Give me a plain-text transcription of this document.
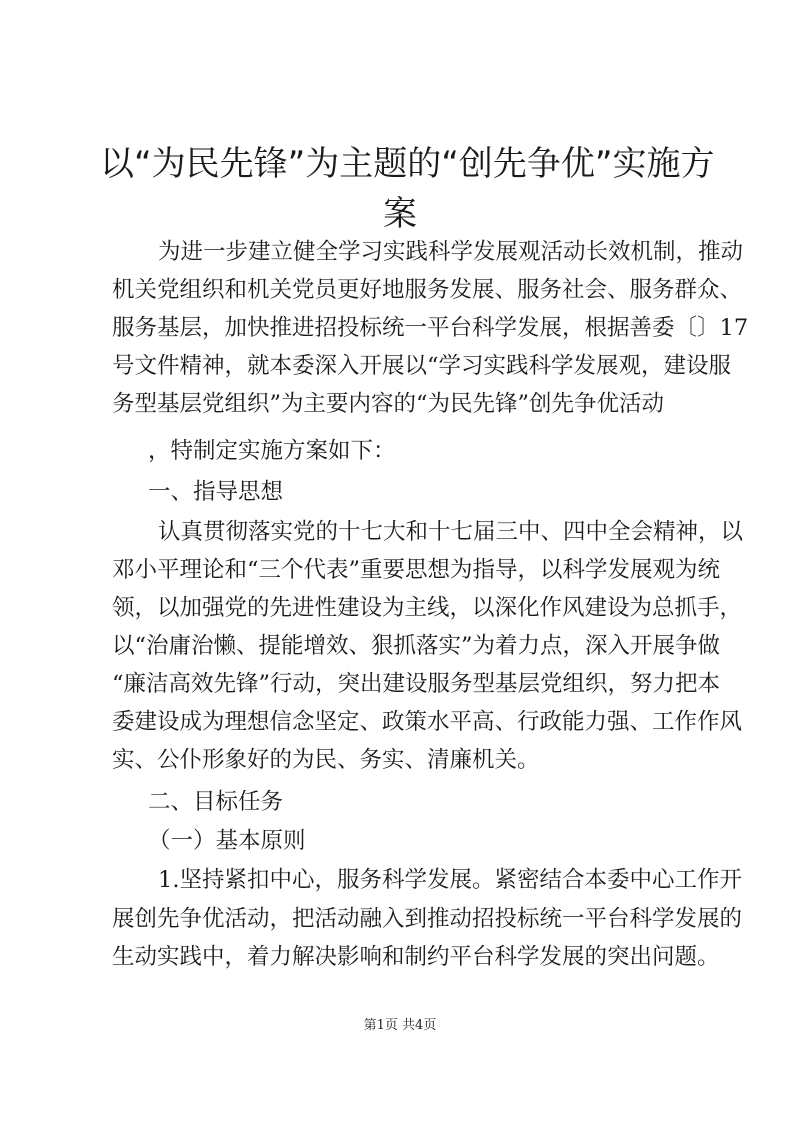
以“为民先锋”为主题的“创先争优”实施方
案
为进一步建立健全学习实践科学发展观活动长效机制，推动
机关党组织和机关党员更好地服务发展、服务社会、服务群众、
服务基层，加快推进招投标统一平台科学发展，根据善委〔〕17
号文件精神，就本委深入开展以“学习实践科学发展观，建设服
务型基层党组织”为主要内容的“为民先锋”创先争优活动
，特制定实施方案如下：
一、指导思想
认真贯彻落实党的十七大和十七届三中、四中全会精神，以
邓小平理论和“三个代表”重要思想为指导，以科学发展观为统
领，以加强党的先进性建设为主线，以深化作风建设为总抓手，
以“治庸治懒、提能增效、狠抓落实”为着力点，深入开展争做
“廉洁高效先锋”行动，突出建设服务型基层党组织，努力把本
委建设成为理想信念坚定、政策水平高、行政能力强、工作作风
实、公仆形象好的为民、务实、清廉机关。
二、目标任务
（一）基本原则
1.坚持紧扣中心，服务科学发展。紧密结合本委中心工作开
展创先争优活动，把活动融入到推动招投标统一平台科学发展的
生动实践中，着力解决影响和制约平台科学发展的突出问题。
第1页 共4页
